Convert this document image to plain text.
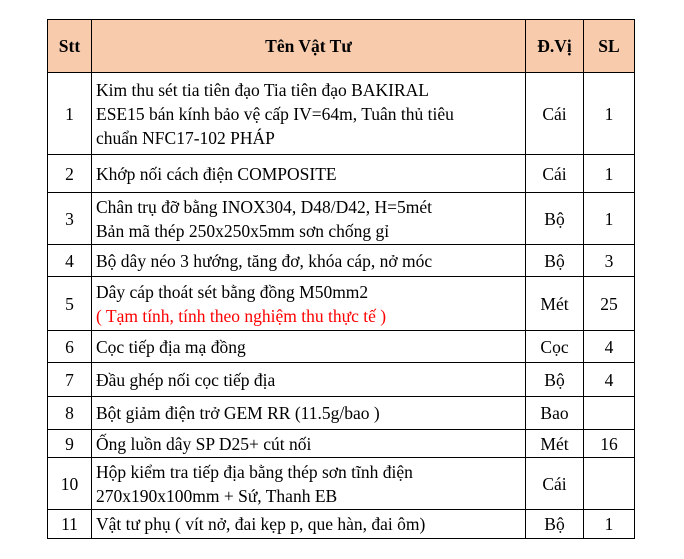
Stt	Tên Vật Tư	Đ.Vị	SL
1	Kim thu sét tia tiên đạo Tia tiên đạo BAKIRAL
ESE15 bán kính bảo vệ cấp IV=64m, Tuân thủ tiêu
chuẩn NFC17-102 PHÁP	Cái	1
2	Khớp nối cách điện COMPOSITE	Cái	1
3	Chân trụ đỡ bằng INOX304, D48/D42, H=5mét
Bản mã thép 250x250x5mm sơn chống gỉ	Bộ	1
4	Bộ dây néo 3 hướng, tăng đơ, khóa cáp, nở móc	Bộ	3
5	Dây cáp thoát sét bằng đồng M50mm2
( Tạm tính, tính theo nghiệm thu thực tế )	Mét	25
6	Cọc tiếp địa mạ đồng	Cọc	4
7	Đầu ghép nối cọc tiếp địa	Bộ	4
8	Bột giảm điện trở GEM RR (11.5g/bao )	Bao	
9	Ống luồn dây SP D25+ cút nối	Mét	16
10	Hộp kiểm tra tiếp địa bằng thép sơn tĩnh điện
270x190x100mm + Sứ, Thanh EB	Cái	
11	Vật tư phụ ( vít nở, đai kẹp p, que hàn, đai ôm)	Bộ	1
